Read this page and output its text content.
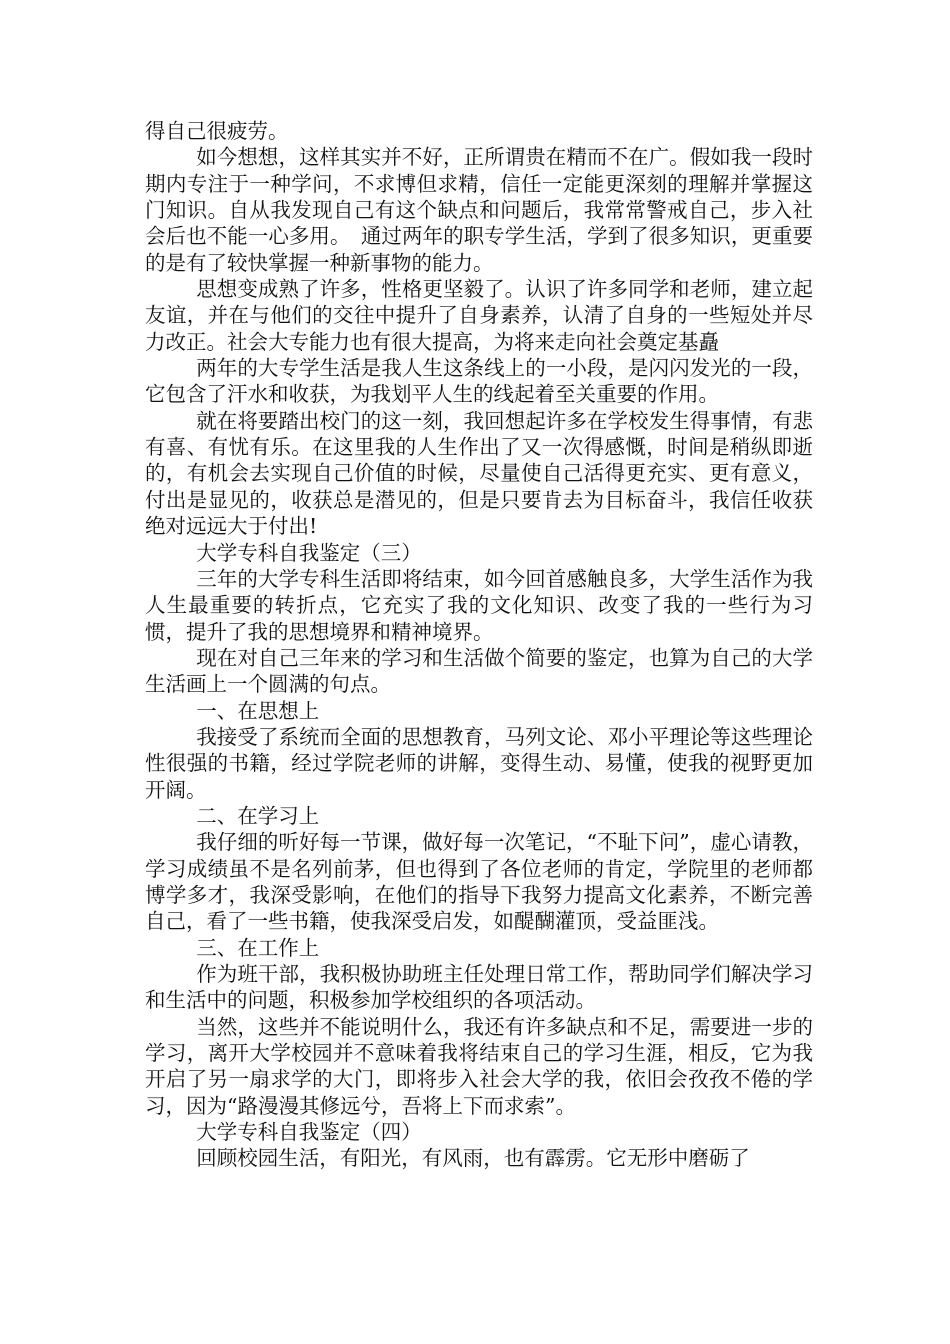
得自己很疲劳。

如今想想，这样其实并不好，正所谓贵在精而不在广。假如我一段时期内专注于一种学问，不求博但求精，信任一定能更深刻的理解并掌握这门知识。自从我发现自己有这个缺点和问题后，我常常警戒自己，步入社会后也不能一心多用。　通过两年的职专学生活，学到了很多知识，更重要的是有了较快掌握一种新事物的能力。

思想变成熟了许多，性格更坚毅了。认识了许多同学和老师，建立起友谊，并在与他们的交往中提升了自身素养，认清了自身的一些短处并尽力改正。社会大专能力也有很大提高，为将来走向社会奠定基矗

两年的大专学生活是我人生这条线上的一小段，是闪闪发光的一段，它包含了汗水和收获，为我划平人生的线起着至关重要的作用。

就在将要踏出校门的这一刻，我回想起许多在学校发生得事情，有悲有喜、有忧有乐。在这里我的人生作出了又一次得感慨，时间是稍纵即逝的，有机会去实现自己价值的时候，尽量使自己活得更充实、更有意义，付出是显见的，收获总是潜见的，但是只要肯去为目标奋斗，我信任收获绝对远远大于付出!

大学专科自我鉴定（三）

三年的大学专科生活即将结束，如今回首感触良多，大学生活作为我人生最重要的转折点，它充实了我的文化知识、改变了我的一些行为习惯，提升了我的思想境界和精神境界。

现在对自己三年来的学习和生活做个简要的鉴定，也算为自己的大学生活画上一个圆满的句点。

一、在思想上

我接受了系统而全面的思想教育，马列文论、邓小平理论等这些理论性很强的书籍，经过学院老师的讲解，变得生动、易懂，使我的视野更加开阔。

二、在学习上

我仔细的听好每一节课，做好每一次笔记，“不耻下问”，虚心请教，学习成绩虽不是名列前茅，但也得到了各位老师的肯定，学院里的老师都博学多才，我深受影响，在他们的指导下我努力提高文化素养，不断完善自己，看了一些书籍，使我深受启发，如醍醐灌顶，受益匪浅。

三、在工作上

作为班干部，我积极协助班主任处理日常工作，帮助同学们解决学习和生活中的问题，积极参加学校组织的各项活动。

当然，这些并不能说明什么，我还有许多缺点和不足，需要进一步的学习，离开大学校园并不意味着我将结束自己的学习生涯，相反，它为我开启了另一扇求学的大门，即将步入社会大学的我，依旧会孜孜不倦的学习，因为“路漫漫其修远兮，吾将上下而求索”。

大学专科自我鉴定（四）

回顾校园生活，有阳光，有风雨，也有霹雳。它无形中磨砺了
